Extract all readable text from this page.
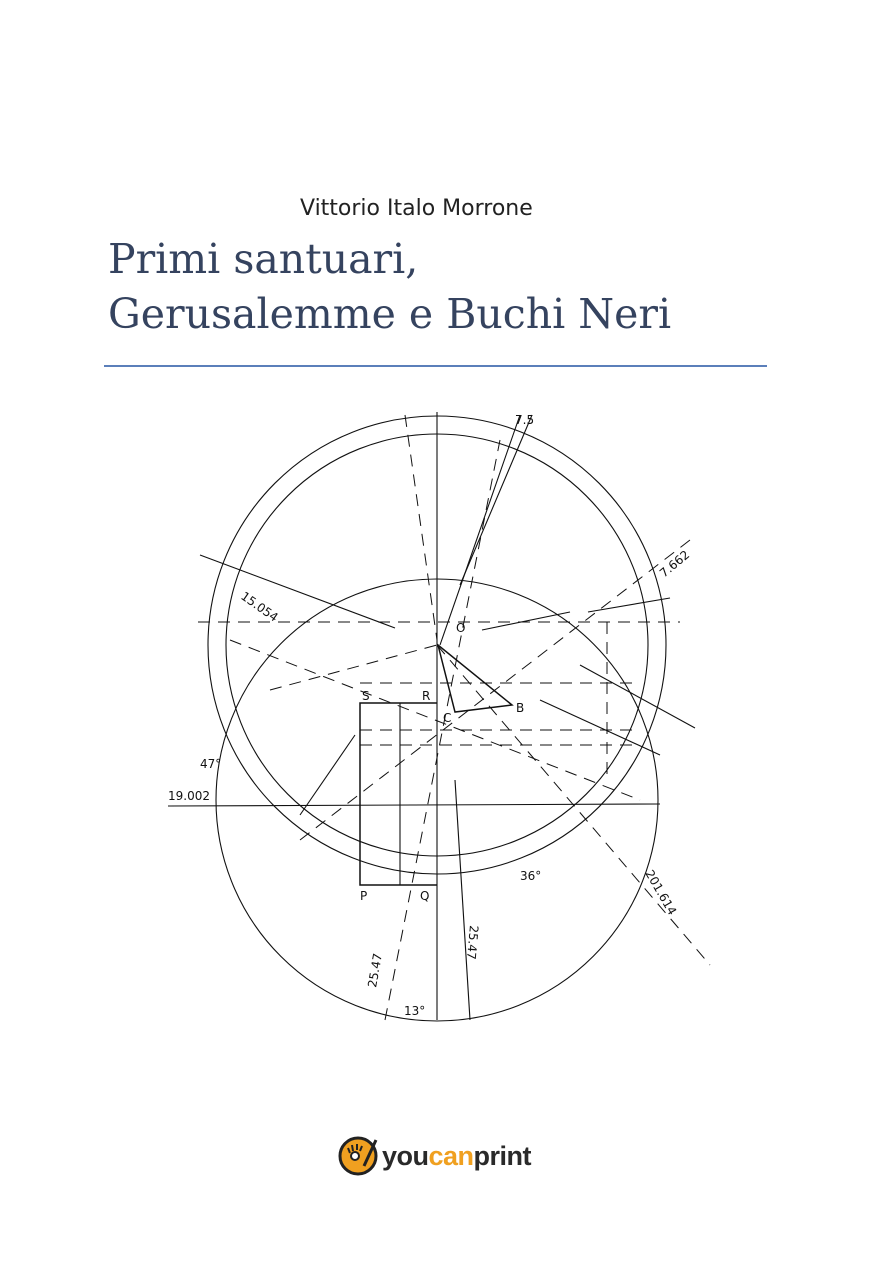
Vittorio Italo Morrone
Primi santuari,
Gerusalemme e Buchi Neri
O
S	R
C
B
P	Q
7.5
7.662
15.054
47°
19.002
36°	201.614
25.47
25.47
13°
youcanprint
